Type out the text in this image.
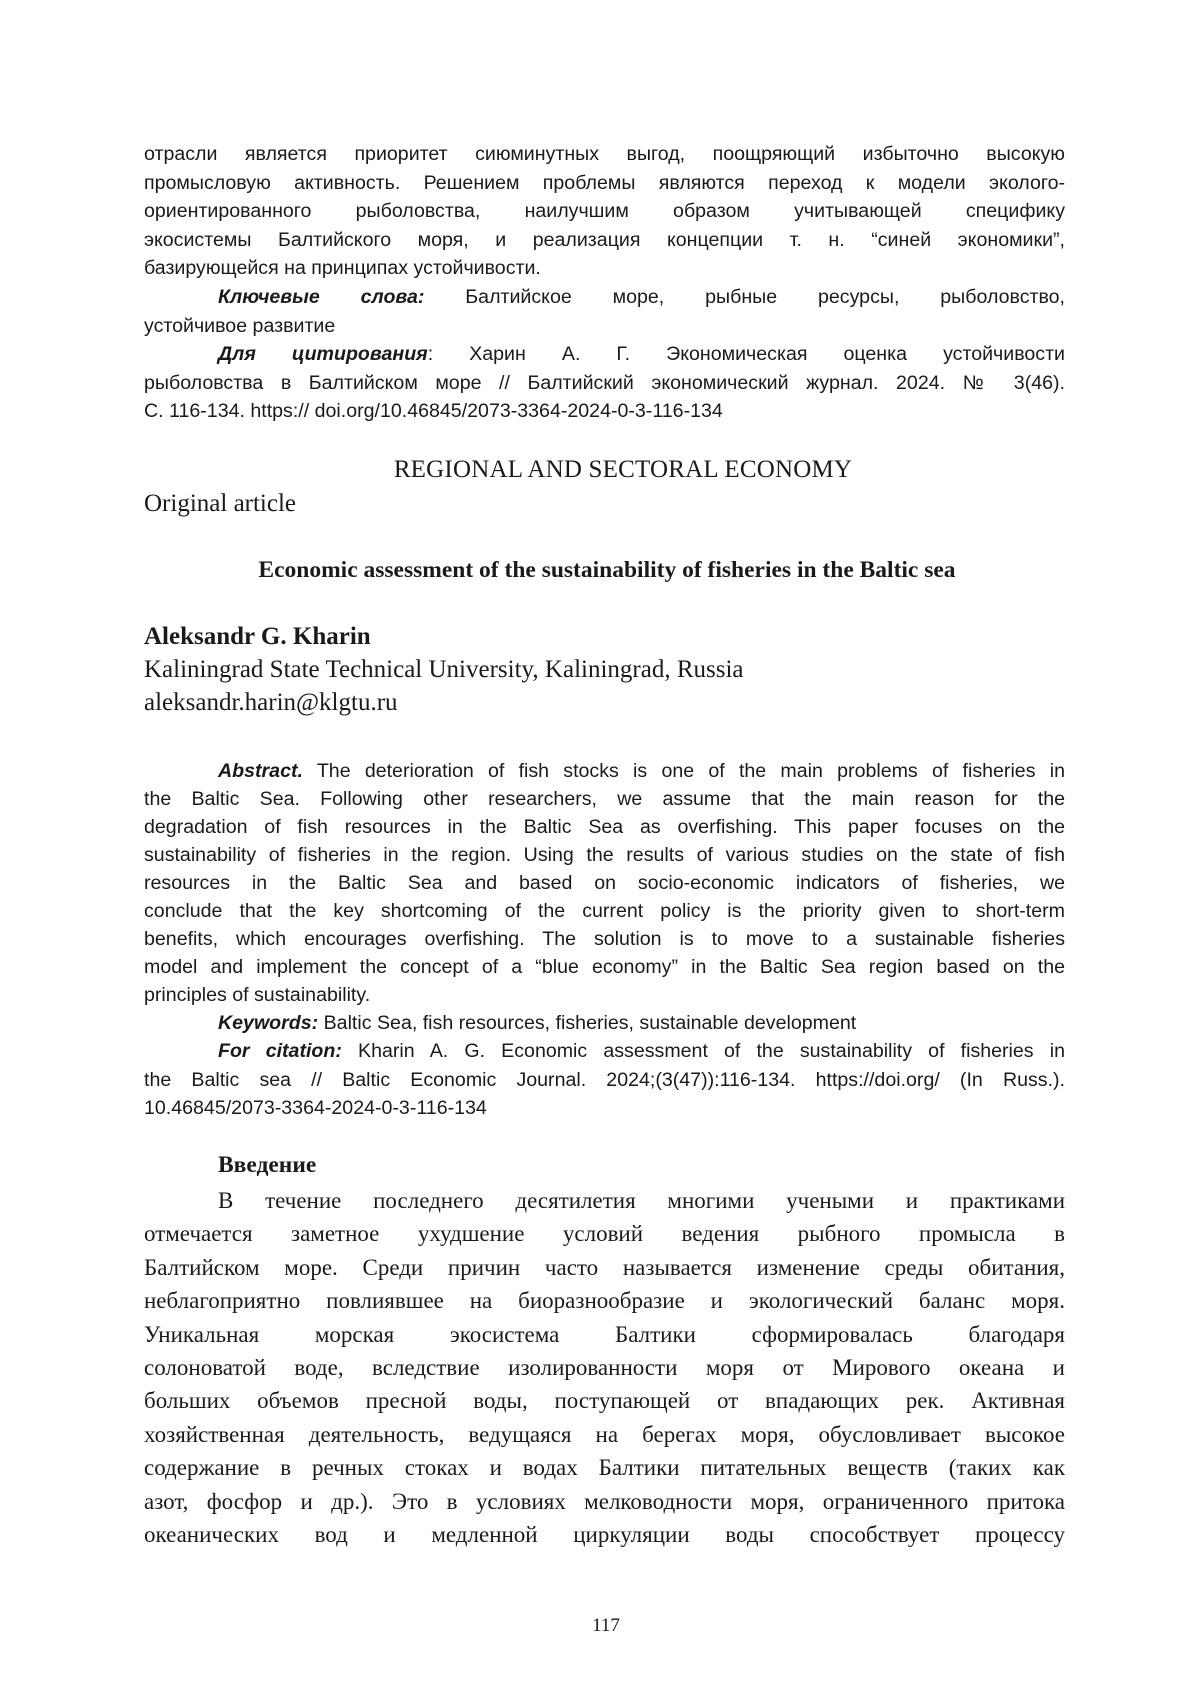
отрасли является приоритет сиюминутных выгод, поощряющий избыточно высокую
промысловую активность. Решением проблемы являются переход к модели эколого-
ориентированного рыболовства, наилучшим образом учитывающей специфику
экосистемы Балтийского моря, и реализация концепции т. н. “синей экономики”,
базирующейся на принципах устойчивости.
Ключевые слова: Балтийское море, рыбные ресурсы, рыболовство,
устойчивое развитие
Для цитирования: Харин А. Г. Экономическая оценка устойчивости
рыболовства в Балтийском море // Балтийский экономический журнал. 2024. № 3(46).
С. 116-134. https:// doi.org/10.46845/2073-3364-2024-0-3-116-134
REGIONAL AND SECTORAL ECONOMY
Original article
Economic assessment of the sustainability of fisheries in the Baltic sea
Aleksandr G. Kharin
Kaliningrad State Technical University, Kaliningrad, Russia
aleksandr.harin@klgtu.ru
Abstract. The deterioration of fish stocks is one of the main problems of fisheries in
the Baltic Sea. Following other researchers, we assume that the main reason for the
degradation of fish resources in the Baltic Sea as overfishing. This paper focuses on the
sustainability of fisheries in the region. Using the results of various studies on the state of fish
resources in the Baltic Sea and based on socio-economic indicators of fisheries, we
conclude that the key shortcoming of the current policy is the priority given to short-term
benefits, which encourages overfishing. The solution is to move to a sustainable fisheries
model and implement the concept of a “blue economy” in the Baltic Sea region based on the
principles of sustainability.
Keywords: Baltic Sea, fish resources, fisheries, sustainable development
For citation: Kharin A. G. Economic assessment of the sustainability of fisheries in
the Baltic sea // Baltic Economic Journal. 2024;(3(47)):116-134. https://doi.org/ (In Russ.).
10.46845/2073-3364-2024-0-3-116-134
Введение
В течение последнего десятилетия многими учеными и практиками
отмечается заметное ухудшение условий ведения рыбного промысла в
Балтийском море. Среди причин часто называется изменение среды обитания,
неблагоприятно повлиявшее на биоразнообразие и экологический баланс моря.
Уникальная морская экосистема Балтики сформировалась благодаря
солоноватой воде, вследствие изолированности моря от Мирового океана и
больших объемов пресной воды, поступающей от впадающих рек. Активная
хозяйственная деятельность, ведущаяся на берегах моря, обусловливает высокое
содержание в речных стоках и водах Балтики питательных веществ (таких как
азот, фосфор и др.). Это в условиях мелководности моря, ограниченного притока
океанических вод и медленной циркуляции воды способствует процессу
117
